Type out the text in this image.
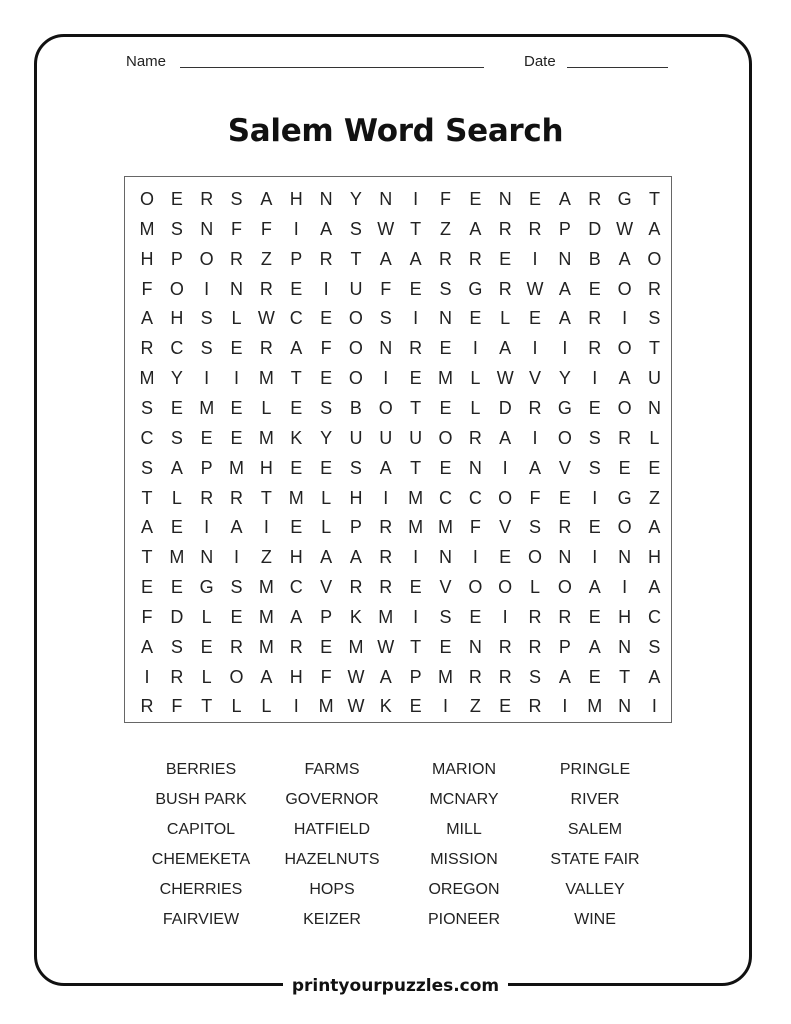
Name	Date
Salem Word Search
O E R S A H N Y N	I	F	E N E A R G T
M S N F	F	I	A S W T	Z	A R R P D W A
H P O R Z	P R T	A A R R E	I	N B A O
F O	I	N R E	I	U F	E S G R W A E O R
A H S	L W C E O S	I	N E	L	E A R	I	S
R C S E R A	F O N R E	I	A	I	I	R O T
M Y	I	I	M T	E O	I	E M L W V Y	I	A U
S E M E	L	E S B O T	E	L	D R G E O N
C S E E M K Y U U U O R A	I	O S R	L
S A P M H E E S A	T	E N	I	A V S E E
T	L	R R T M L	H	I	M C C O F	E	I	G Z
A E	I	A	I	E	L	P R M M F	V S R E O A
T M N	I	Z H A A R	I	N	I	E O N	I	N H
E E G S M C V R R E V O O L O A	I	A
F D	L	E M A P K M	I	S E	I	R R E H C
A S E R M R E M W T	E N R R P A N S
I	R	L O A H F W A P M R R S A E	T	A
R F	T	L	L	I	M W K E	I	Z	E R	I	M N	I
BERRIES
BUSH PARK
CAPITOL
CHEMEKETA
CHERRIES
FAIRVIEW
FARMS
GOVERNOR
HATFIELD
HAZELNUTS
HOPS
KEIZER
MARION
MCNARY
MILL
MISSION
OREGON
PIONEER
PRINGLE
RIVER
SALEM
STATE FAIR
VALLEY
WINE
printyourpuzzles.com
